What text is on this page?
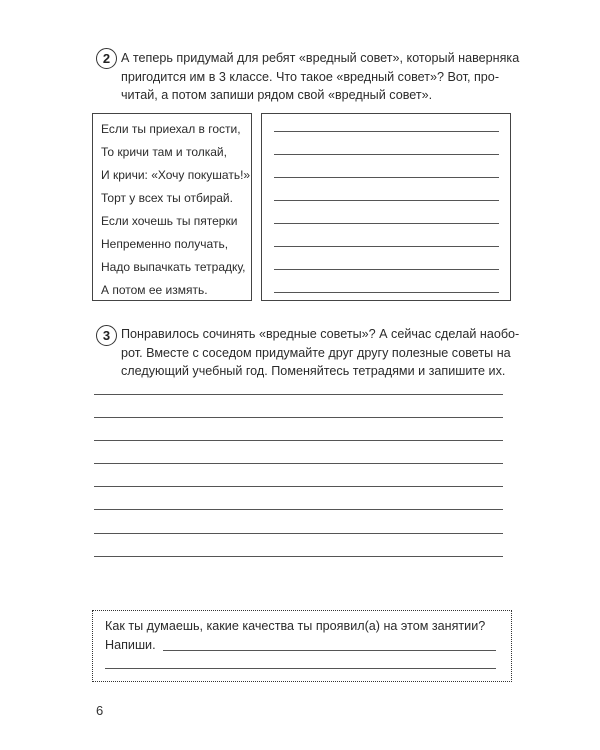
2 А теперь придумай для ребят «вредный совет», который наверняка
пригодится им в 3 классе. Что такое «вредный совет»? Вот, про-
читай, а потом запиши рядом свой «вредный совет».
Если ты приехал в гости,
То кричи там и толкай,
И кричи: «Хочу покушать!»
Торт у всех ты отбирай.
Если хочешь ты пятерки
Непременно получать,
Надо выпачкать тетрадку,
А потом ее измять.
3 Понравилось сочинять «вредные советы»? А сейчас сделай наобо-
рот. Вместе с соседом придумайте друг другу полезные советы на
следующий учебный год. Поменяйтесь тетрадями и запишите их.
Как ты думаешь, какие качества ты проявил(а) на этом занятии?
Напиши.
6
